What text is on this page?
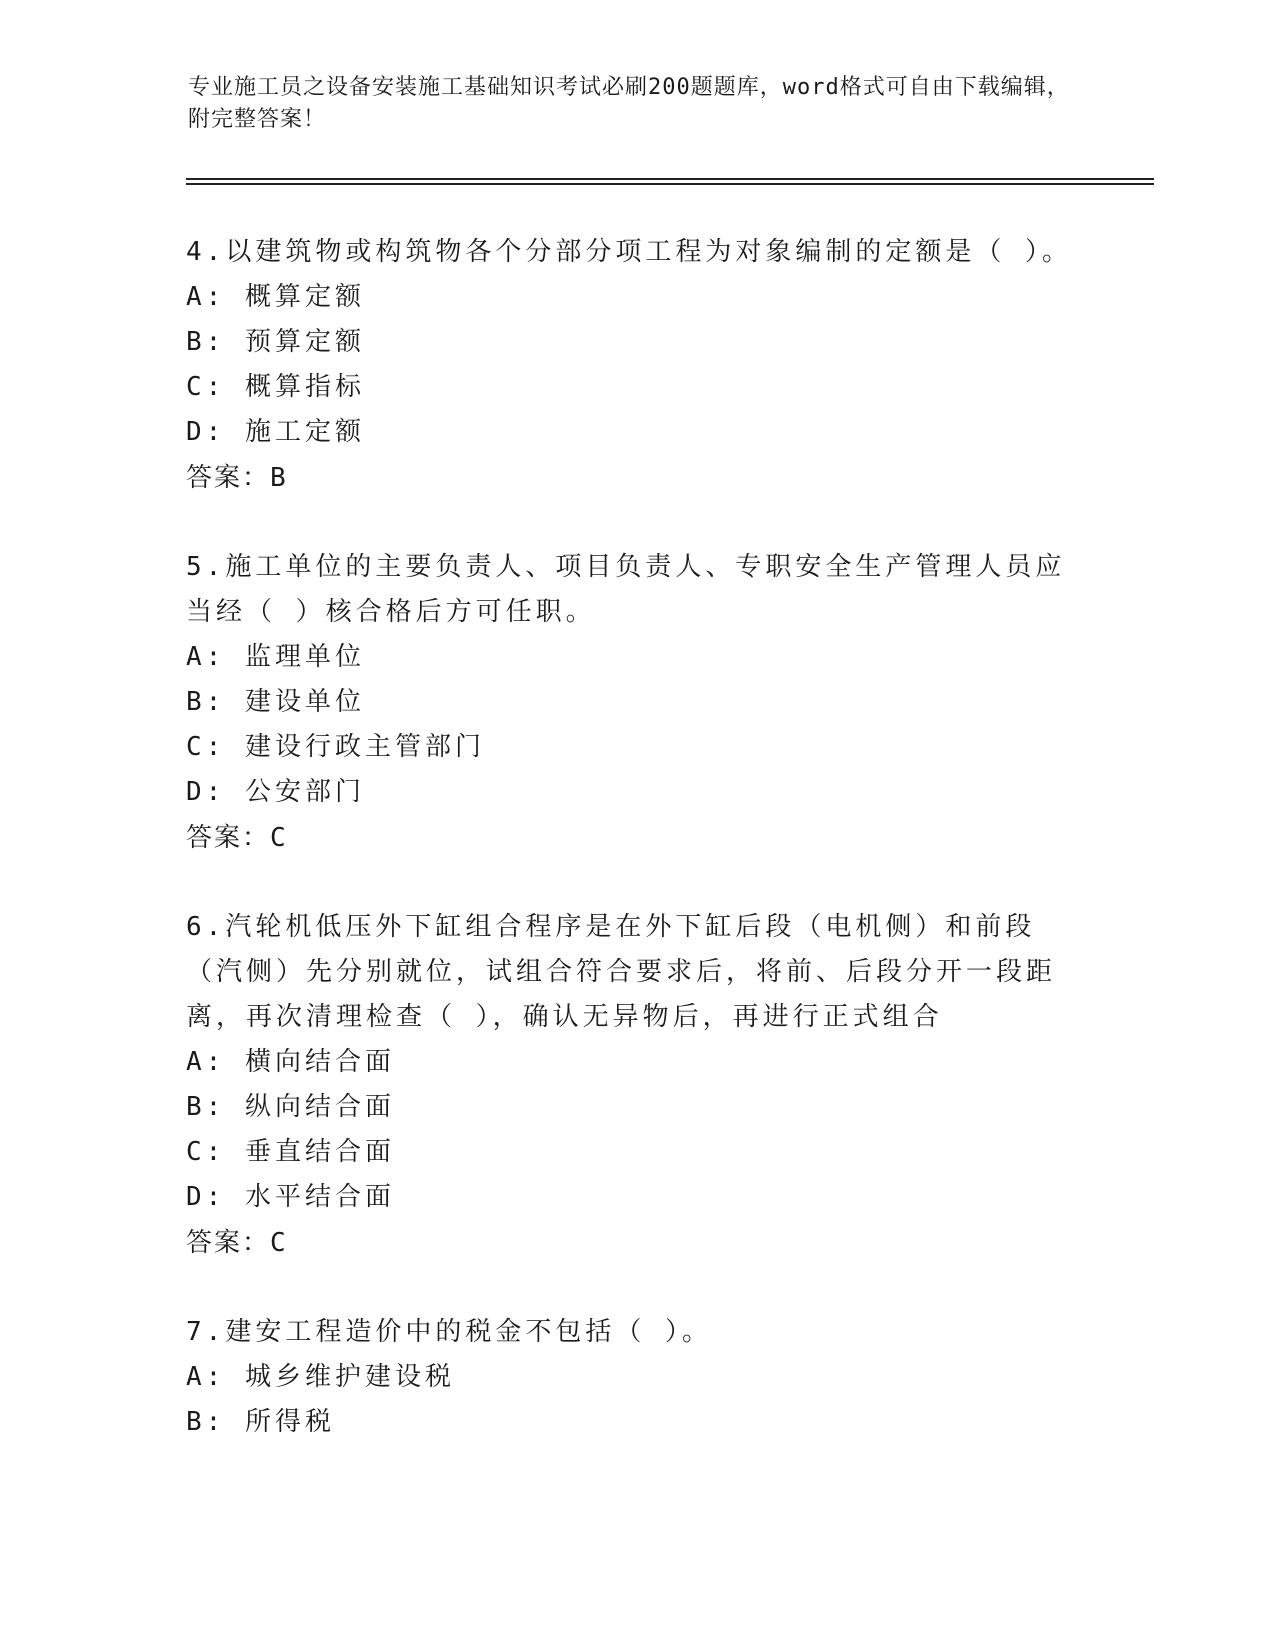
专业施工员之设备安装施工基础知识考试必刷200题题库，word格式可自由下载编辑，附完整答案！
4.以建筑物或构筑物各个分部分项工程为对象编制的定额是（ ）。
A: 概算定额
B: 预算定额
C: 概算指标
D: 施工定额
答案：B
5.施工单位的主要负责人、项目负责人、专职安全生产管理人员应当经（ ）核合格后方可任职。
A: 监理单位
B: 建设单位
C: 建设行政主管部门
D: 公安部门
答案：C
6.汽轮机低压外下缸组合程序是在外下缸后段（电机侧）和前段（汽侧）先分别就位，试组合符合要求后，将前、后段分开一段距离，再次清理检查（ ），确认无异物后，再进行正式组合
A: 横向结合面
B: 纵向结合面
C: 垂直结合面
D: 水平结合面
答案：C
7.建安工程造价中的税金不包括（ ）。
A: 城乡维护建设税
B: 所得税
